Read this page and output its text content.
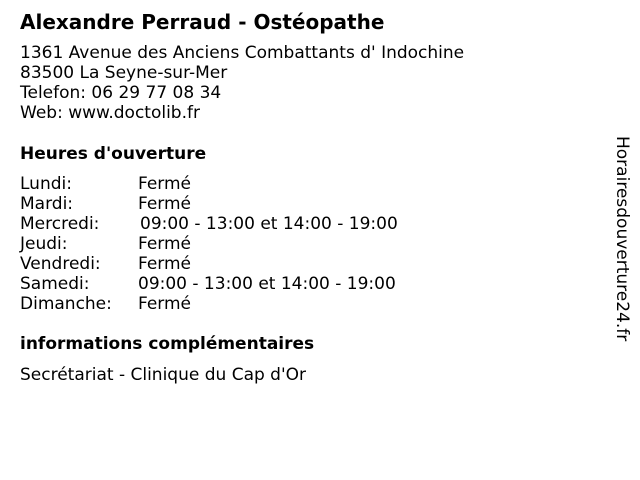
Alexandre Perraud - Ostéopathe
1361 Avenue des Anciens Combattants d' Indochine
83500 La Seyne-sur-Mer
Telefon: 06 29 77 08 34
Web: www.doctolib.fr
Heures d'ouverture
Lundi:	Fermé
Mardi:	Fermé
Mercredi: 09:00 - 13:00 et 14:00 - 19:00
Jeudi:	Fermé
Vendredi: Fermé
Samedi:	09:00 - 13:00 et 14:00 - 19:00
Dimanche: Fermé
informations complémentaires
Secrétariat - Clinique du Cap d'Or
Horairesdouverture24.fr
